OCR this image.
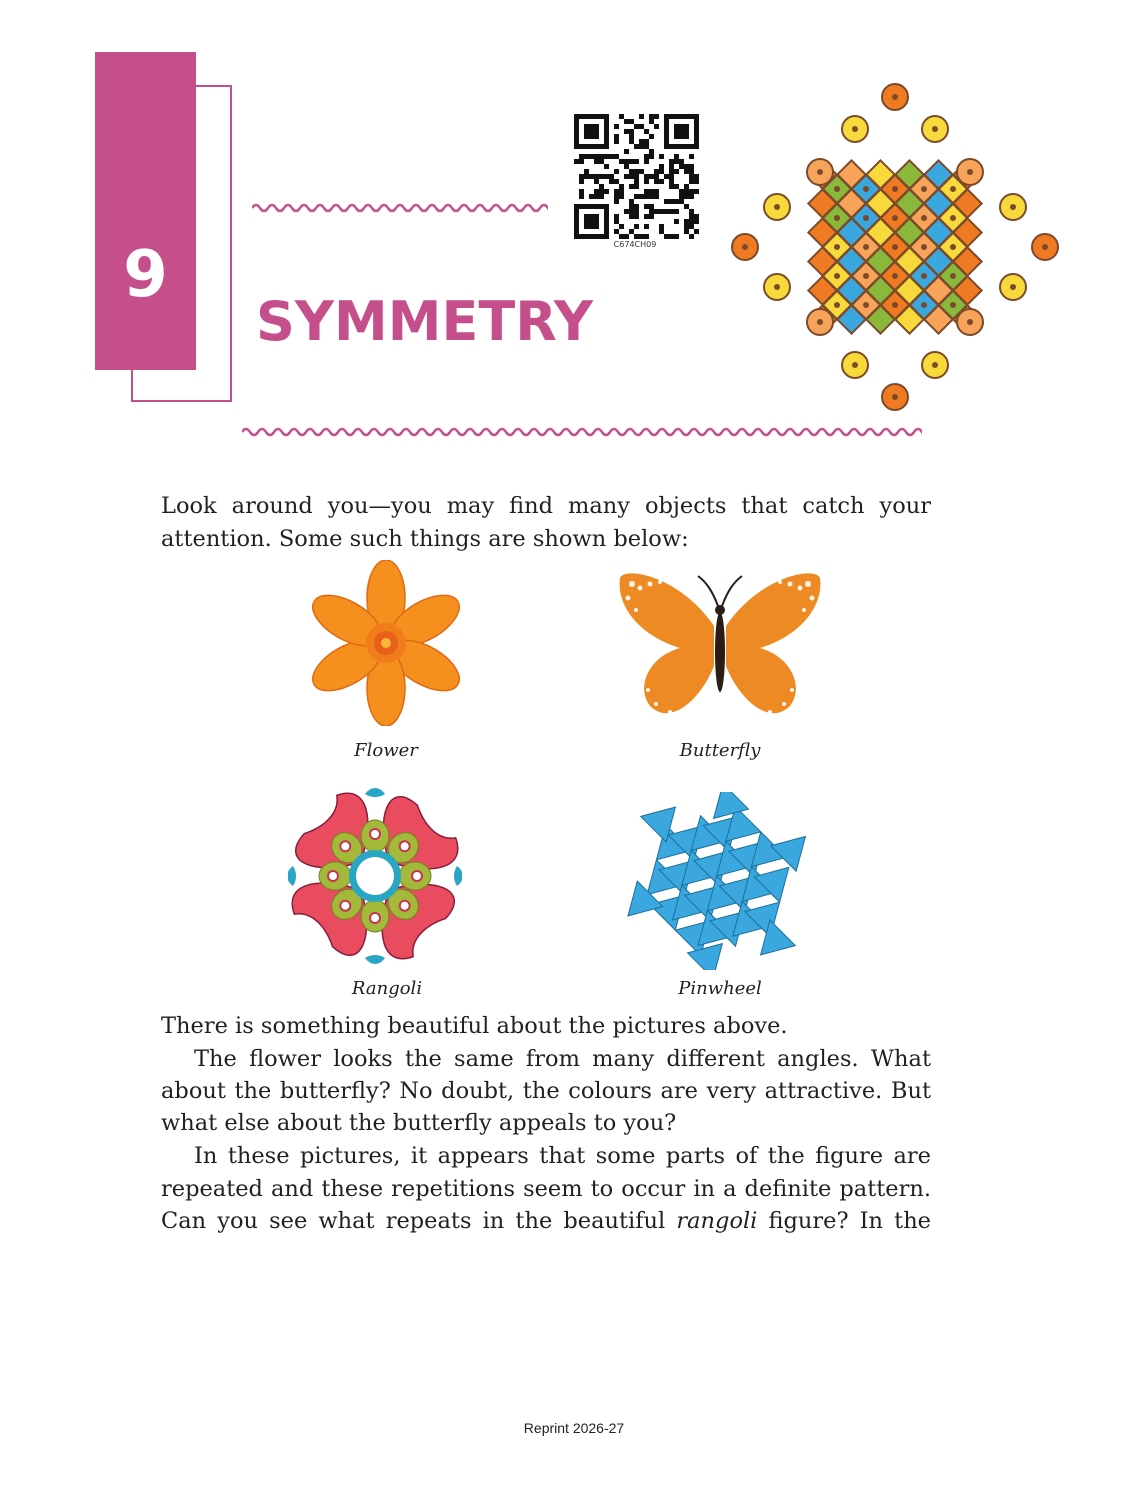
9
SYMMETRY
C674CH09
Look around you—you may find many objects that catch your
attention. Some such things are shown below:
Flower	Butterfly
Rangoli	Pinwheel
There is something beautiful about the pictures above.
The flower looks the same from many different angles. What
about the butterfly? No doubt, the colours are very attractive. But
what else about the butterfly appeals to you?
In these pictures, it appears that some parts of the figure are
repeated and these repetitions seem to occur in a definite pattern.
Can you see what repeats in the beautiful rangoli figure? In the
Reprint 2026-27
